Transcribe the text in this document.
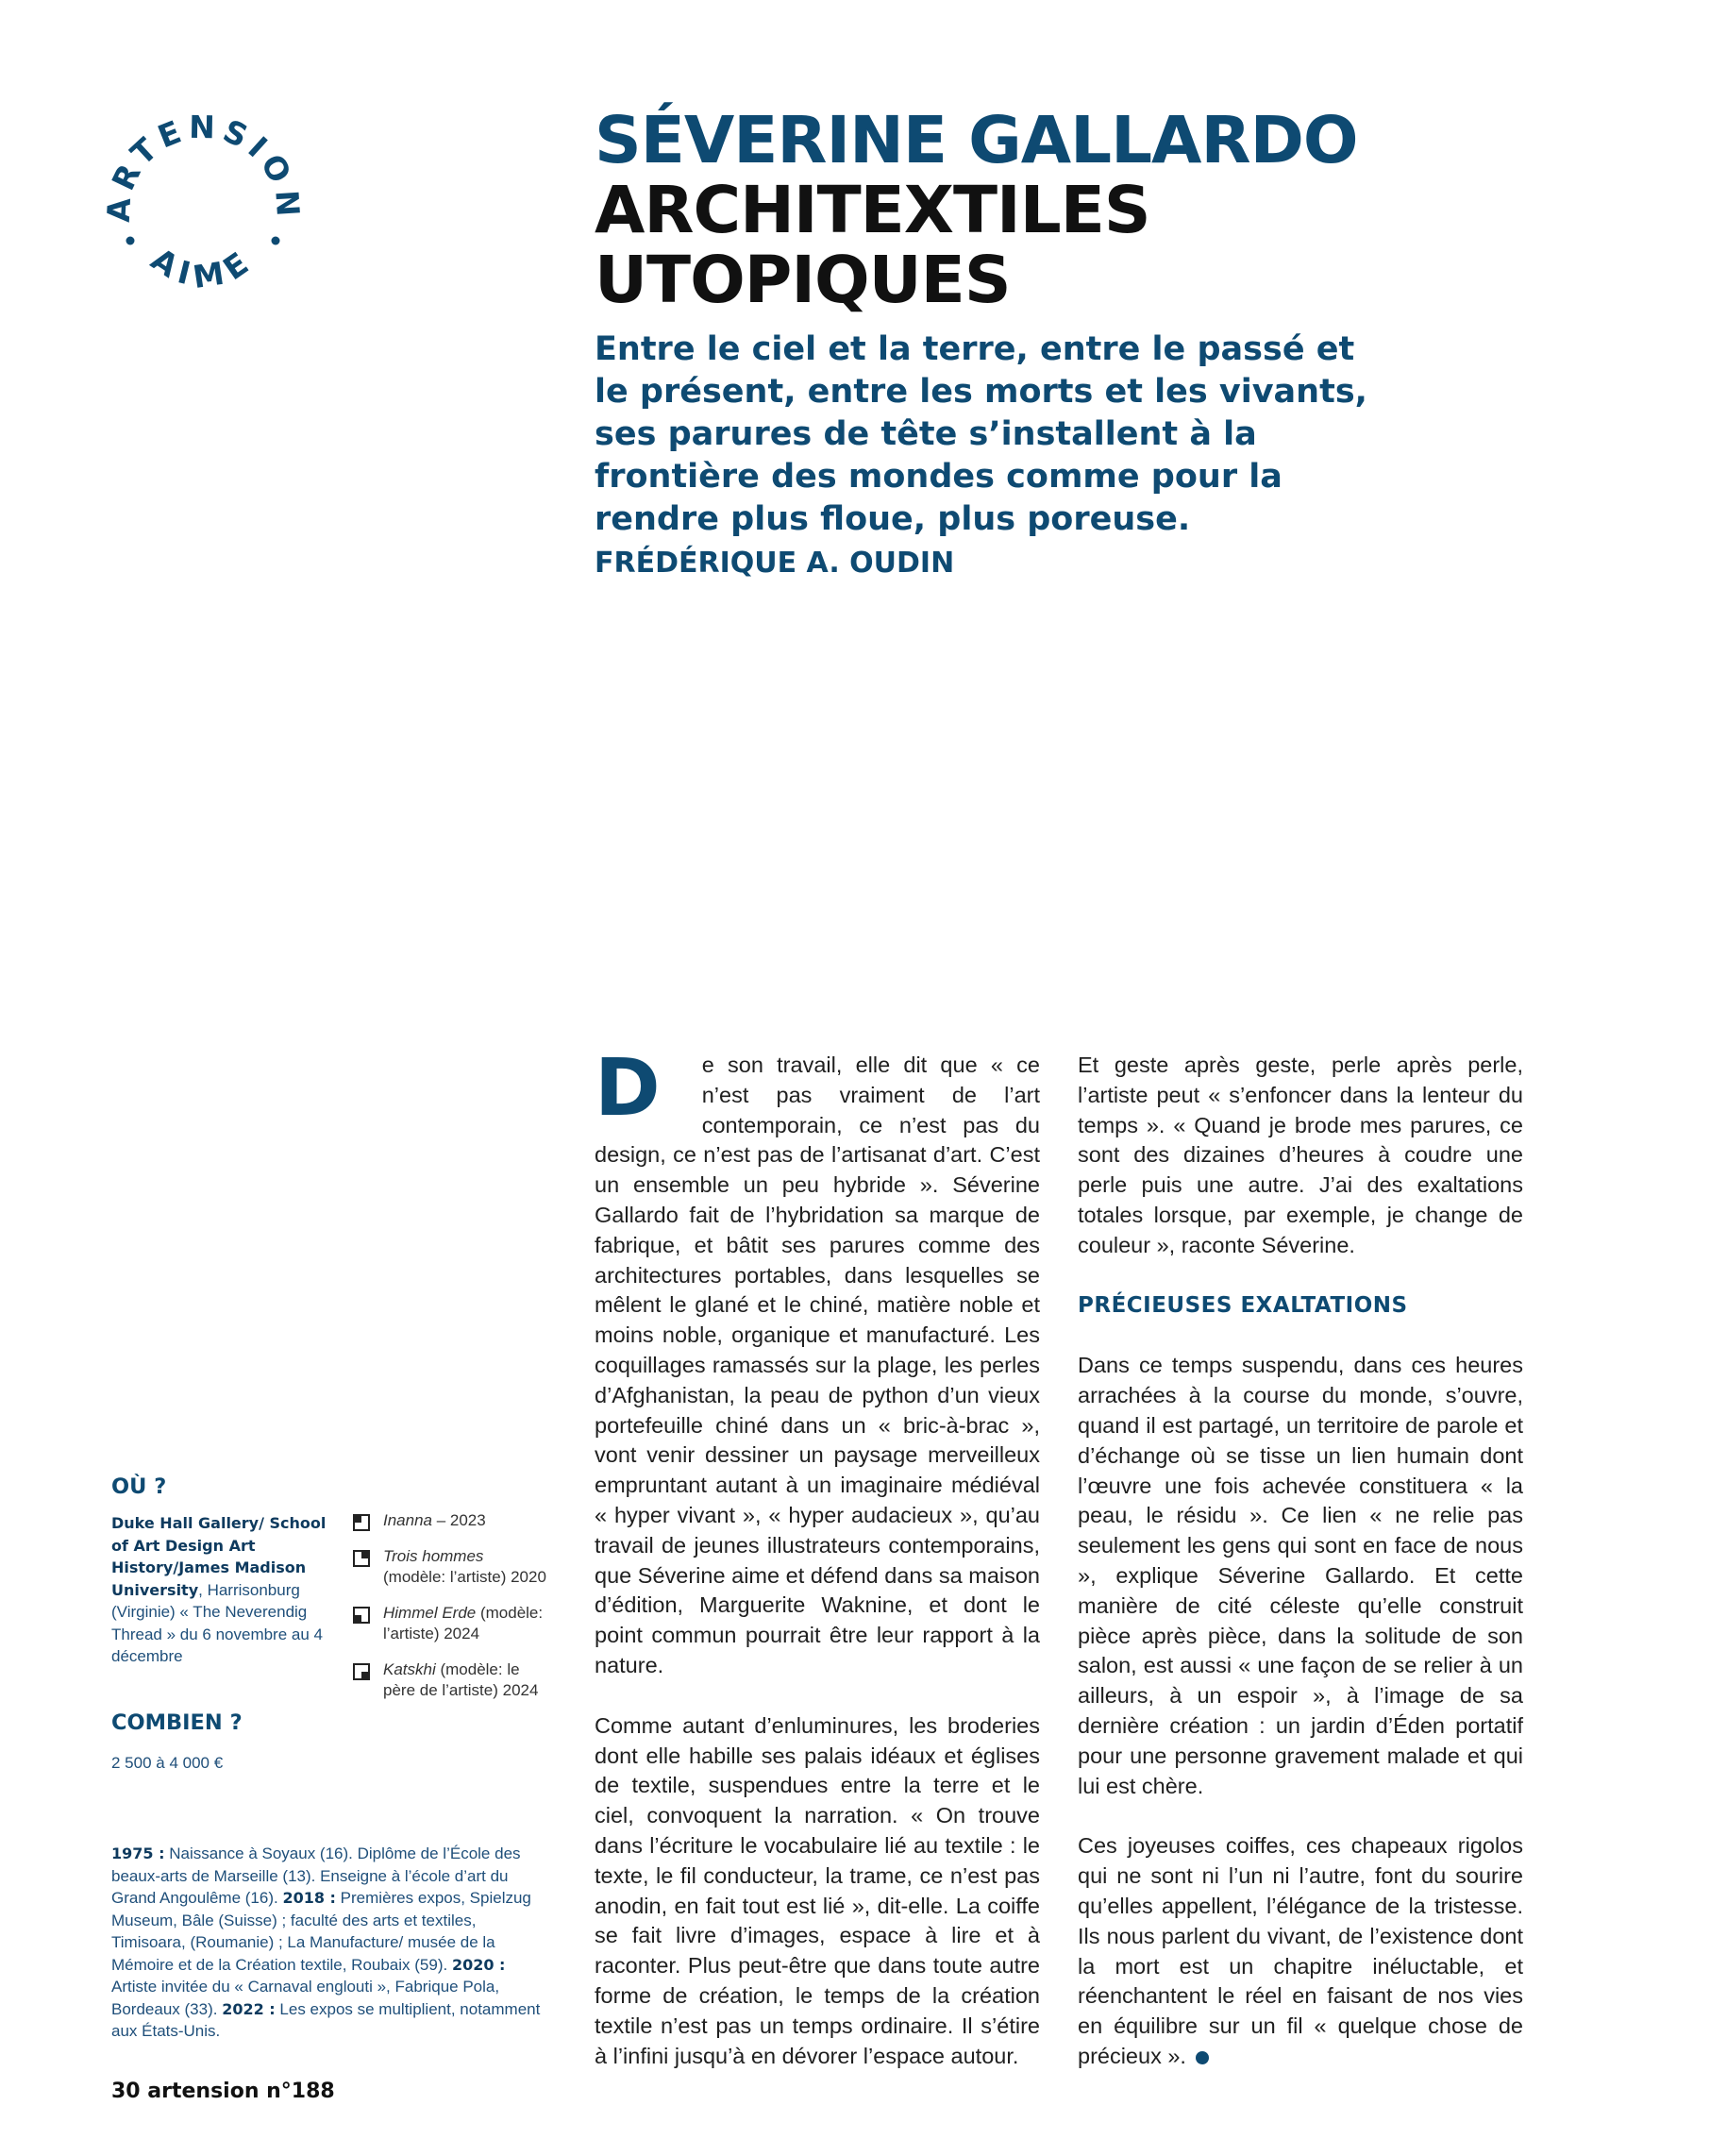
ARTENSION
AIME
SÉVERINE GALLARDO
ARCHITEXTILES
UTOPIQUES
Entre le ciel et la terre, entre le passé et le présent, entre les morts et les vivants, ses parures de tête s’installent à la frontière des mondes comme pour la rendre plus floue, plus poreuse. FRÉDÉRIQUE A. OUDIN

D e son travail, elle dit que « ce n’est pas vraiment de l’art contemporain, ce n’est pas du design, ce n’est pas de l’artisanat d’art. C’est un ensemble un peu hybride ». Séverine Gallardo fait de l’hybridation sa marque de fabrique, et bâtit ses parures comme des architectures portables, dans lesquelles se mêlent le glané et le chiné, matière noble et moins noble, organique et manufacturé. Les coquillages ramassés sur la plage, les perles d’Afghanistan, la peau de python d’un vieux portefeuille chiné dans un « bric-à-brac », vont venir dessiner un paysage merveilleux empruntant autant à un imaginaire médiéval « hyper vivant », « hyper audacieux », qu’au travail de jeunes illustrateurs contemporains, que Séverine aime et défend dans sa maison d’édition, Marguerite Waknine, et dont le point commun pourrait être leur rapport à la nature.

Comme autant d’enluminures, les broderies dont elle habille ses palais idéaux et églises de textile, suspendues entre la terre et le ciel, convoquent la narration. « On trouve dans l’écriture le vocabulaire lié au textile : le texte, le fil conducteur, la trame, ce n’est pas anodin, en fait tout est lié », dit-elle. La coiffe se fait livre d’images, espace à lire et à raconter. Plus peut-être que dans toute autre forme de création, le temps de la création textile n’est pas un temps ordinaire. Il s’étire à l’infini jusqu’à en dévorer l’espace autour.

Et geste après geste, perle après perle, l’artiste peut « s’enfoncer dans la lenteur du temps ». « Quand je brode mes parures, ce sont des dizaines d’heures à coudre une perle puis une autre. J’ai des exaltations totales lorsque, par exemple, je change de couleur », raconte Séverine.
PRÉCIEUSES EXALTATIONS

Dans ce temps suspendu, dans ces heures arrachées à la course du monde, s’ouvre, quand il est partagé, un territoire de parole et d’échange où se tisse un lien humain dont l’œuvre une fois achevée constituera « la peau, le résidu ». Ce lien « ne relie pas seulement les gens qui sont en face de nous », explique Séverine Gallardo. Et cette manière de cité céleste qu’elle construit pièce après pièce, dans la solitude de son salon, est aussi « une façon de se relier à un ailleurs, à un espoir », à l’image de sa dernière création : un jardin d’Éden portatif pour une personne gravement malade et qui lui est chère.

Ces joyeuses coiffes, ces chapeaux rigolos qui ne sont ni l’un ni l’autre, font du sourire qu’elles appellent, l’élégance de la tristesse. Ils nous parlent du vivant, de l’existence dont la mort est un chapitre inéluctable, et réenchantent le réel en faisant de nos vies en équilibre sur un fil « quelque chose de précieux ».

OÙ ?
Duke Hall Gallery/ School of Art Design Art History/James Madison University, Harrisonburg (Virginie) « The Neverendig Thread » du 6 novembre au 4 décembre
COMBIEN ?
2 500 à 4 000 €
Inanna – 2023
Trois hommes (modèle: l’artiste) 2020
Himmel Erde (modèle: l’artiste) 2024
Katskhi (modèle: le père de l’artiste) 2024
1975 : Naissance à Soyaux (16). Diplôme de l’École des beaux-arts de Marseille (13). Enseigne à l’école d’art du Grand Angoulême (16). 2018 : Premières expos, Spielzug Museum, Bâle (Suisse) ; faculté des arts et textiles, Timisoara, (Roumanie) ; La Manufacture/ musée de la Mémoire et de la Création textile, Roubaix (59). 2020 : Artiste invitée du « Carnaval englouti », Fabrique Pola, Bordeaux (33). 2022 : Les expos se multiplient, notamment aux États-Unis.
30 artension n°188
